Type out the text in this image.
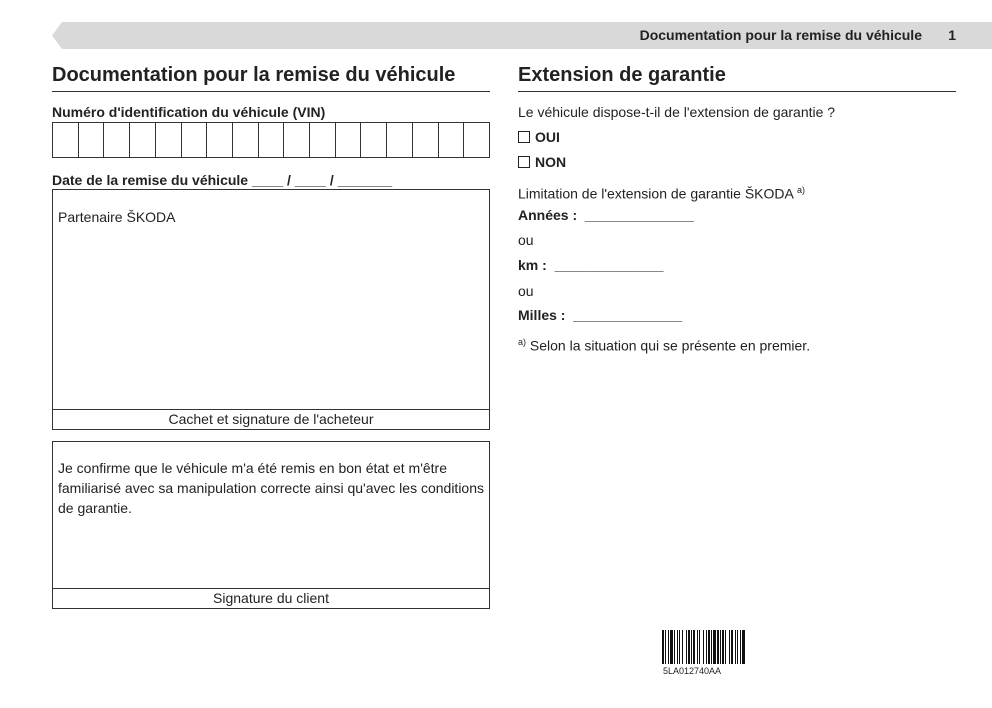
Documentation pour la remise du véhicule 1
Documentation pour la remise du véhicule
Numéro d'identification du véhicule (VIN)
Date de la remise du véhicule ____ / ____ / _______
Partenaire ŠKODA
Cachet et signature de l'acheteur
Je confirme que le véhicule m'a été remis en bon état et m'être familiarisé avec sa manipulation correcte ainsi qu'avec les conditions de garantie.
Signature du client
Extension de garantie
Le véhicule dispose-t-il de l'extension de garantie ?
OUI
NON
Limitation de l'extension de garantie ŠKODA $^{a)}$
Années : ______________
ou
km : ______________
ou
Milles : ______________
$^{a)}$ Selon la situation qui se présente en premier.
5LA012740AA
